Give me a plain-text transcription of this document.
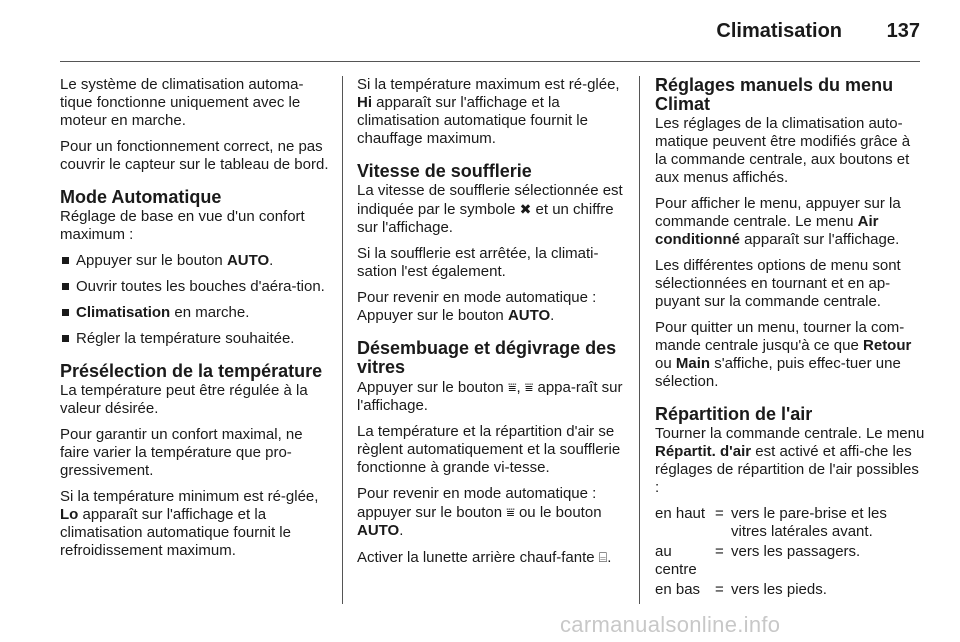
Climatisation	137

Le système de climatisation automa-tique fonctionne uniquement avec le moteur en marche.

Pour un fonctionnement correct, ne pas couvrir le capteur sur le tableau de bord.

Mode Automatique

Réglage de base en vue d'un confort maximum :

Appuyer sur le bouton AUTO.
Ouvrir toutes les bouches d'aéra-tion.
Climatisation en marche.
Régler la température souhaitée.
Présélection de la température

La température peut être régulée à la valeur désirée.

Pour garantir un confort maximal, ne faire varier la température que pro-gressivement.

Si la température minimum est ré-glée, Lo apparaît sur l'affichage et la climatisation automatique fournit le refroidissement maximum.

Si la température maximum est ré-glée, Hi apparaît sur l'affichage et la climatisation automatique fournit le chauffage maximum.

Vitesse de soufflerie

La vitesse de soufflerie sélectionnée est indiquée par le symbole ✖ et un chiffre sur l'affichage.

Si la soufflerie est arrêtée, la climati-sation l'est également.

Pour revenir en mode automatique : Appuyer sur le bouton AUTO.

Désembuage et dégivrage des vitres

Appuyer sur le bouton ⩸, ⩸ appa-raît sur l'affichage.

La température et la répartition d'air se règlent automatiquement et la soufflerie fonctionne à grande vi-tesse.

Pour revenir en mode automatique : appuyer sur le bouton ⩸ ou le bouton AUTO.

Activer la lunette arrière chauf-fante ⌸.

Réglages manuels du menu Climat

Les réglages de la climatisation auto-matique peuvent être modifiés grâce à la commande centrale, aux boutons et aux menus affichés.

Pour afficher le menu, appuyer sur la commande centrale. Le menu Air conditionné apparaît sur l'affichage.

Les différentes options de menu sont sélectionnées en tournant et en ap-puyant sur la commande centrale.

Pour quitter un menu, tourner la com-mande centrale jusqu'à ce que Retour ou Main s'affiche, puis effec-tuer une sélection.

Répartition de l'air

Tourner la commande centrale. Le menu Répartit. d'air est activé et affi-che les réglages de répartition de l'air possibles :

en haut	=	vers le pare-brise et les vitres latérales avant.
au centre	=	vers les passagers.
en bas	=	vers les pieds.
carmanualsonline.info
